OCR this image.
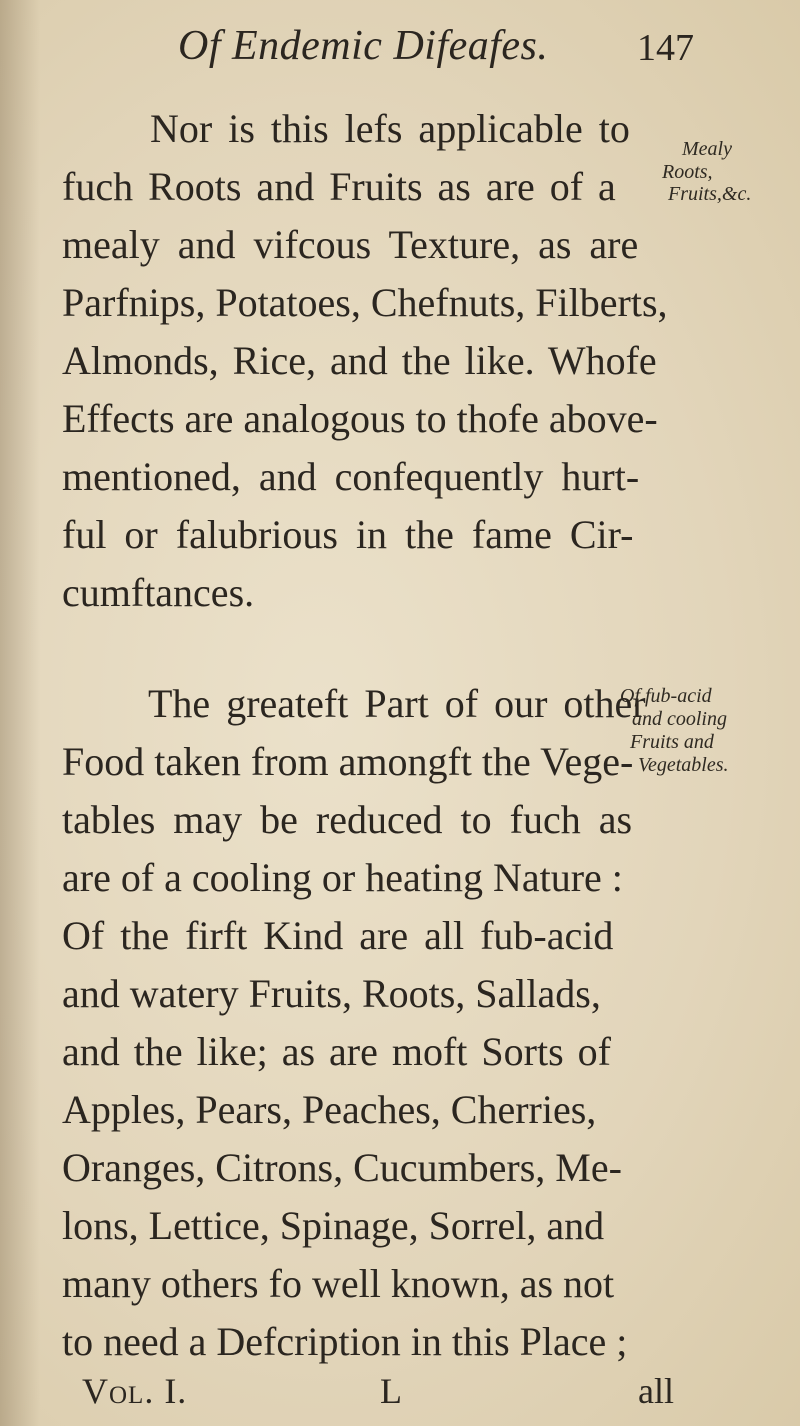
Of Endemic Difeafes. 147
Nor is this lefs applicable to
fuch Roots and Fruits as are of a
mealy and vifcous Texture, as are
Parfnips, Potatoes, Chefnuts, Filberts,
Almonds, Rice, and the like. Whofe
Effects are analogous to thofe above-
mentioned, and confequently hurt-
ful or falubrious in the fame Cir-
cumftances.
Mealy
Roots,
Fruits,&c.
The greateft Part of our other
Food taken from amongft the Vege-
tables may be reduced to fuch as
are of a cooling or heating Nature :
Of the firft Kind are all fub-acid
and watery Fruits, Roots, Sallads,
and the like; as are moft Sorts of
Apples, Pears, Peaches, Cherries,
Oranges, Citrons, Cucumbers, Me-
lons, Lettice, Spinage, Sorrel, and
many others fo well known, as not
to need a Defcription in this Place ;
Of fub-acid
and cooling
Fruits and
Vegetables.
Vol. I.	L	all
